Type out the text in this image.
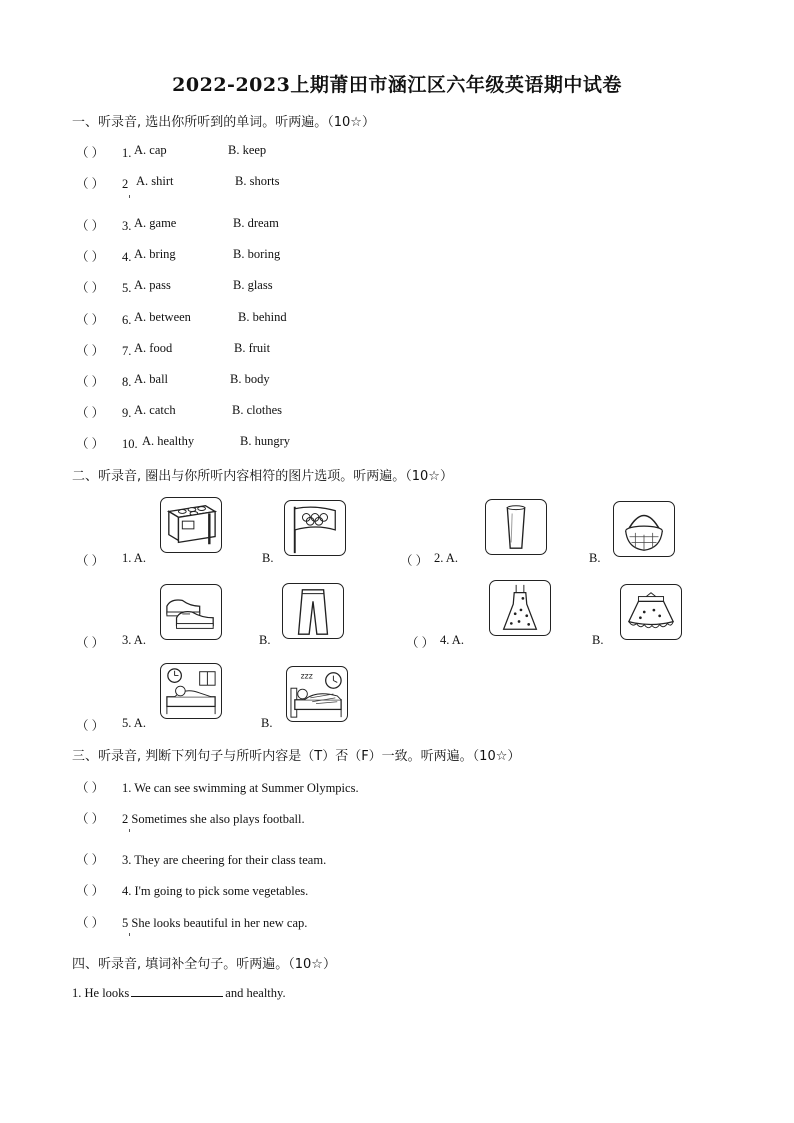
2022-2023上期莆田市涵江区六年级英语期中试卷
一、听录音, 选出你所听到的单词。听两遍。（10☆）
（ ） 1. A. cap	B. keep
（ ） 2 A. shirt	B. shorts
（ ） 3. A. game	B. dream
（ ） 4. A. bring	B. boring
（ ） 5. A. pass	B. glass
（ ） 6. A. between	B. behind
（ ） 7. A. food	B. fruit
（ ） 8. A. ball	B. body
（ ） 9. A. catch	B. clothes
（ ） 10. A. healthy	B. hungry
二、听录音, 圈出与你所听内容相符的图片选项。听两遍。（10☆）
（ ） 1. A.	B.	（ ） 2. A.	B.
（ ） 3. A.	B.	（ ） 4. A.	B.
（ ） 5. A.	B.
zzz
三、听录音, 判断下列句子与所听内容是（T）否（F）一致。听两遍。（10☆）
（ ） 1. We can see swimming at Summer Olympics.
（ ） 2 Sometimes she also plays football.
（ ） 3. They are cheering for their class team.
（ ） 4. I'm going to pick some vegetables.
（ ） 5 She looks beautiful in her new cap.
四、听录音, 填词补全句子。听两遍。（10☆）
1. He looks	and healthy.
